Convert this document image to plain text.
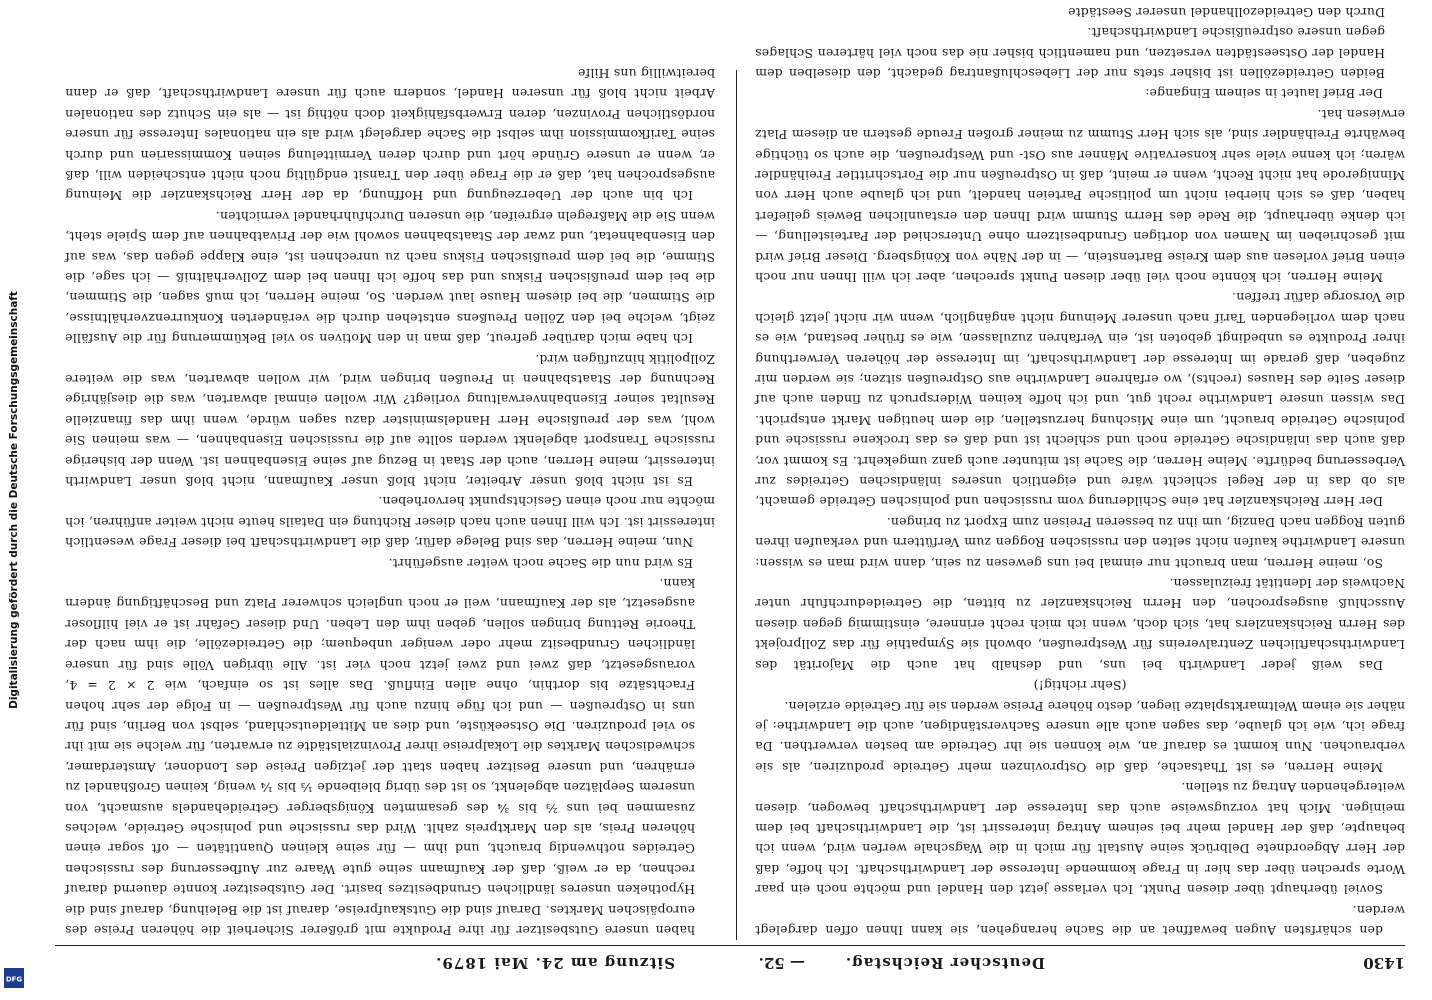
1430
Deutscher Reichstag.
— 52.
Sitzung am 24. Mai 1879.

den schärfsten Augen bewaffnet an die Sache herangehen, sie kann Ihnen offen dargelegt werden.

Soviel überhaupt über diesen Punkt. Ich verlasse jetzt den Handel und möchte noch ein paar Worte sprechen über das hier in Frage kommende Interesse der Landwirthschaft. Ich hoffe, daß der Herr Abgeordnete Delbrück seine Austalt für mich in die Wagschale werfen wird, wenn ich behaupte, daß der Handel mehr bei seinem Antrag interessirt ist, die Landwirthschaft bei dem meinigen. Mich hat vorzugsweise auch das Interesse der Landwirthschaft bewogen, diesen weitergehenden Antrag zu stellen.

Meine Herren, es ist Thatsache, daß die Ostprovinzen mehr Getreide produziren, als sie verbrauchen. Nun kommt es darauf an, wie können sie ihr Getreide am besten verwerthen. Da frage ich, wie ich glaube, das sagen auch alle unsere Sachverständigen, auch die Landwirthe: je näher sie einem Weltmarktsplatze liegen, desto höhere Preise werden sie für Getreide erzielen.

(Sehr richtig!)

Das weiß jeder Landwirth bei uns, und deshalb hat auch die Majorität des Landwirthschaftlichen Zentralvereins für Westpreußen, obwohl sie Sympathie für das Zollprojekt des Herrn Reichskanzlers hat, sich doch, wenn ich mich recht erinnere, einstimmig gegen diesen Ausschluß ausgesprochen, den Herrn Reichskanzler zu bitten, die Getreidedurchfuhr unter Nachweis der Identität freizulassen.

So, meine Herren, man braucht nur einmal bei uns gewesen zu sein, dann wird man es wissen: unsere Landwirthe kaufen nicht selten den russischen Roggen zum Verfüttern und verkaufen ihren guten Roggen nach Danzig, um ihn zu besseren Preisen zum Export zu bringen.

Der Herr Reichskanzler hat eine Schilderung vom russischen und polnischen Getreide gemacht, als ob das in der Regel schlecht wäre und eigentlich unseres inländischen Getreides zur Verbesserung bedürfte. Meine Herren, die Sache ist mitunter auch ganz umgekehrt. Es kommt vor, daß auch das inländische Getreide noch und schlecht ist und daß es das trockene russische und polnische Getreide braucht, um eine Mischung herzustellen, die dem heutigen Markt entspricht. Das wissen unsere Landwirthe recht gut, und ich hoffe keinen Widerspruch zu finden auch auf dieser Seite des Hauses (rechts), wo erfahrene Landwirthe aus Ostpreußen sitzen; sie werden mir zugeben, daß gerade im Interesse der Landwirthschaft, im Interesse der höheren Verwerthung ihrer Produkte es unbedingt geboten ist, ein Verfahren zuzulassen, wie es früher bestand, wie es nach dem vorliegenden Tarif nach unserer Meinung nicht angänglich, wenn wir nicht jetzt gleich die Vorsorge dafür treffen.

Meine Herren, ich könnte noch viel über diesen Punkt sprechen, aber ich will Ihnen nur noch einen Brief vorlesen aus dem Kreise Bartenstein, — in der Nähe von Königsberg. Dieser Brief wird mit geschrieben im Namen von dortigen Grundbesitzern ohne Unterschied der Parteistellung, — ich denke überhaupt, die Rede des Herrn Stumm wird Ihnen den erstaunlichen Beweis geliefert haben, daß es sich hierbei nicht um politische Parteien handelt, und ich glaube auch Herr von Minnigerode hat nicht Recht, wenn er meint, daß in Ostpreußen nur die Fortschrittler Freihändler wären; ich kenne viele sehr konservative Männer aus Ost- und Westpreußen, die auch so tüchtige bewährte Freihändler sind, als sich Herr Stumm zu meiner großen Freude gestern an diesem Platz erwiesen hat.

Der Brief lautet in seinem Eingange:

Beiden Getreidezöllen ist bisher stets nur der Liebeschlußantrag gedacht, den dieselben dem Handel der Ostseestädten versetzen, und namentlich bisher nie das noch viel härteren Schlages gegen unsere ostpreußische Landwirthschaft.

Durch den Getreidezollhandel unserer Seestädte

haben unsere Gutsbesitzer für ihre Produkte mit größerer Sicherheit die höheren Preise des europäischen Marktes. Darauf sind die Gutskaufpreise, darauf ist die Beleihung, darauf sind die Hypotheken unseres ländlichen Grundbesitzes basirt. Der Gutsbesitzer konnte dauernd darauf rechnen, da er weiß, daß der Kaufmann seine gute Waare zur Aufbesserung des russischen Getreides nothwendig braucht, und ihm — für seine kleinen Quantitäten — oft sogar einen höheren Preis, als den Marktpreis zahlt. Wird das russische und polnische Getreide, welches zusammen bei uns ⅔ bis ¾ des gesammten Königsberger Getreidehandels ausmacht, von unserem Seeplätzen abgelenkt, so ist des übrig bleibende ⅓ bis ¼ wenig, keinen Großhandel zu ernähren, und unsere Besitzer haben statt der jetzigen Preise des Londoner, Amsterdamer, schwedischen Marktes die Lokalpreise ihrer Provinzialstädte zu erwarten, für welche sie mit ihr so viel produziren. Die Ostseeküste, und dies an Mitteldeutschland, selbst von Berlin, sind für uns in Ostpreußen — und ich füge hinzu auch für Westpreußen — in Folge der sehr hohen Frachtsätze bis dorthin, ohne allen Einfluß. Das alles ist so einfach, wie 2 × 2 = 4, vorausgesetzt, daß zwei und zwei jetzt noch vier ist. Alle übrigen Völle sind für unsere ländlichen Grundbesitz mehr oder weniger unbequem; die Getreidezölle, die ihm nach der Theorie Rettung bringen sollen, geben ihm den Leben. Und dieser Gefahr ist er viel hilfloser ausgesetzt, als der Kaufmann, weil er noch ungleich schwerer Platz und Beschäftigung ändern kann.

Es wird nun die Sache noch weiter ausgeführt.

Nun, meine Herren, das sind Belege dafür, daß die Landwirthschaft bei dieser Frage wesentlich interessirt ist. Ich will Ihnen auch nach dieser Richtung ein Datails heute nicht weiter anführen, ich möchte nur noch einen Gesichtspunkt hervorheben.

Es ist nicht bloß unser Arbeiter, nicht bloß unser Kaufmann, nicht bloß unser Landwirth interessirt, meine Herren, auch der Staat in Bezug auf seine Eisenbahnen ist. Wenn der bisherige russische Transport abgelenkt werden sollte auf die russischen Eisenbahnen, — was meinen Sie wohl, was der preußische Herr Handelsminister dazu sagen würde, wenn ihm das finanzielle Resultat seiner Eisenbahnverwaltung vorliegt? Wir wollen einmal abwarten, was die diesjährige Rechnung der Staatsbahnen in Preußen bringen wird, wir wollen abwarten, was die weitere Zollpolitik hinzufügen wird.

Ich habe mich darüber gefreut, daß man in den Motiven so viel Bekümmerung für die Ausfälle zeigt, welche bei den Zöllen Preußens entstehen durch die veränderten Konkurrenzverhältnisse, die Stimmen, die bei diesem Hause laut werden. So, meine Herren, ich muß sagen, die Stimmen, die bei dem preußischen Fiskus und das hoffe ich Ihnen bei dem Zollverhältniß — ich sage, die Stimme, die bei dem preußischen Fiskus nach zu unrechnen ist, eine Klappe gegen das, was auf den Eisenbahnetat, und zwar der Staatsbahnen sowohl wie der Privatbahnen auf dem Spiele steht, wenn Sie die Maßregeln ergreifen, die unseren Durchfuhrhandel vernichten.

Ich bin auch der Ueberzeugung und Hoffnung, da der Herr Reichskanzler die Meinung ausgesprochen hat, daß er die Frage über den Transit endgültig noch nicht entscheiden will, daß er, wenn er unsere Gründe hört und durch deren Vermittelung seinen Kommissarien und durch seine Tarifkommission ihm selbst die Sache dargelegt wird als ein nationales Interesse für unsere nordöstlichen Provinzen, deren Erwerbsfähigkeit doch nöthig ist — als ein Schutz des nationalen Arbeit nicht bloß für unseren Handel, sondern auch für unsere Landwirthschaft, daß er dann bereitwillig uns Hilfe

Digitalisierung gefördert durch die Deutsche Forschungsgemeinschaft
DFG
